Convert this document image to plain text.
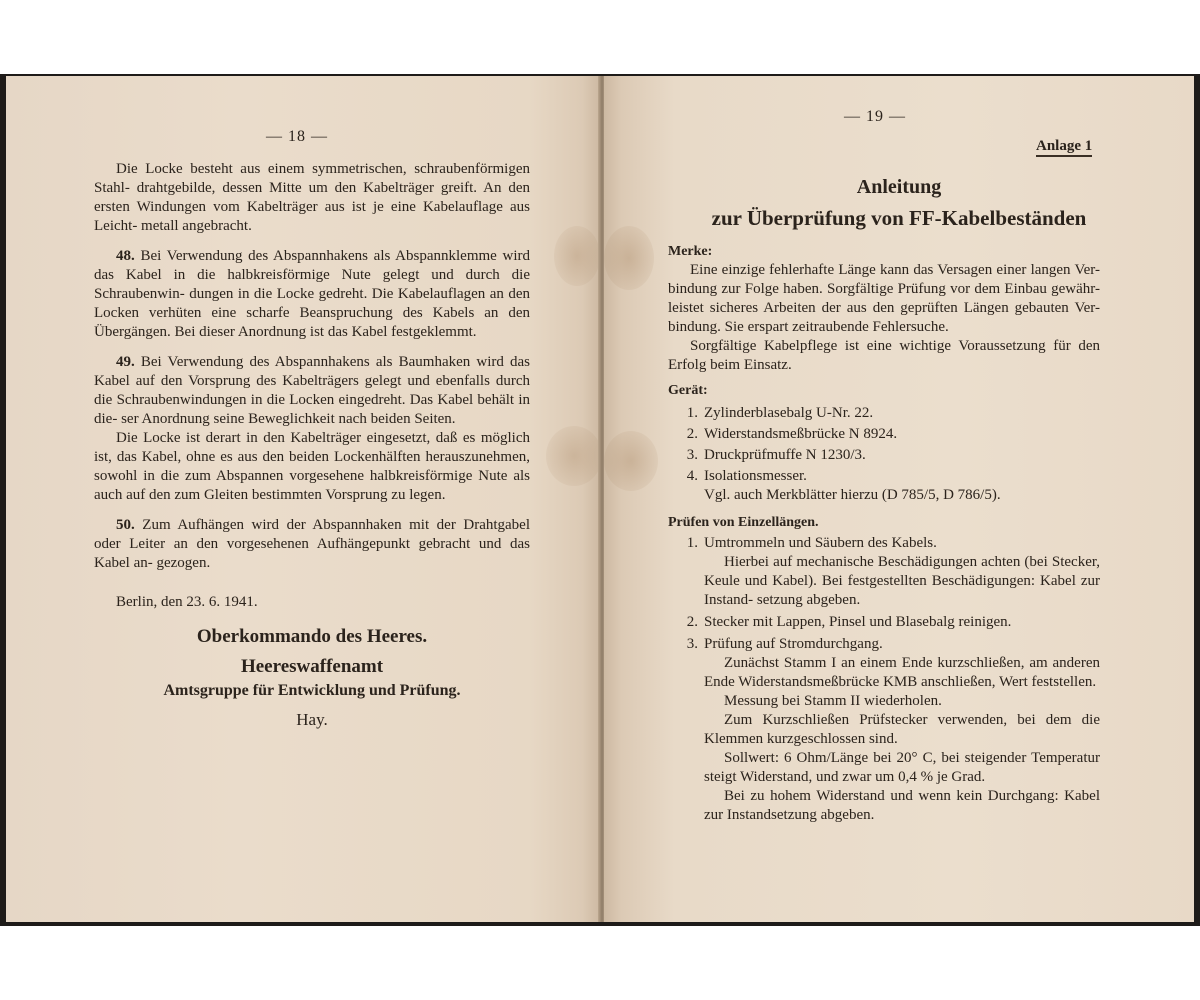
— 18 —

Die Locke besteht aus einem symmetrischen, schraubenförmigen Stahl- drahtgebilde, dessen Mitte um den Kabelträger greift. An den ersten Windungen vom Kabelträger aus ist je eine Kabelauflage aus Leicht- metall angebracht.

48. Bei Verwendung des Abspannhakens als Abspannklemme wird das Kabel in die halbkreisförmige Nute gelegt und durch die Schraubenwin- dungen in die Locke gedreht. Die Kabelauflagen an den Locken verhüten eine scharfe Beanspruchung des Kabels an den Übergängen. Bei dieser Anordnung ist das Kabel festgeklemmt.

49. Bei Verwendung des Abspannhakens als Baumhaken wird das Kabel auf den Vorsprung des Kabelträgers gelegt und ebenfalls durch die Schraubenwindungen in die Locken eingedreht. Das Kabel behält in die- ser Anordnung seine Beweglichkeit nach beiden Seiten.

Die Locke ist derart in den Kabelträger eingesetzt, daß es möglich ist, das Kabel, ohne es aus den beiden Lockenhälften herauszunehmen, sowohl in die zum Abspannen vorgesehene halbkreisförmige Nute als auch auf den zum Gleiten bestimmten Vorsprung zu legen.

50. Zum Aufhängen wird der Abspannhaken mit der Drahtgabel oder Leiter an den vorgesehenen Aufhängepunkt gebracht und das Kabel an- gezogen.

Berlin, den 23. 6. 1941.

Oberkommando des Heeres.
Heereswaffenamt
Amtsgruppe für Entwicklung und Prüfung.
Hay.
— 19 —
Anlage 1
Anleitung
zur Überprüfung von FF-Kabelbeständen
Merke:

Eine einzige fehlerhafte Länge kann das Versagen einer langen Ver- bindung zur Folge haben. Sorgfältige Prüfung vor dem Einbau gewähr- leistet sicheres Arbeiten der aus den geprüften Längen gebauten Ver- bindung. Sie erspart zeitraubende Fehlersuche.

Sorgfältige Kabelpflege ist eine wichtige Voraussetzung für den Erfolg beim Einsatz.

Gerät:
1. Zylinderblasebalg U-Nr. 22.
2. Widerstandsmeßbrücke N 8924.
3. Druckprüfmuffe N 1230/3.
4. Isolationsmesser.
Vgl. auch Merkblätter hierzu (D 785/5, D 786/5).
Prüfen von Einzellängen.
1. Umtrommeln und Säubern des Kabels.

Hierbei auf mechanische Beschädigungen achten (bei Stecker, Keule und Kabel). Bei festgestellten Beschädigungen: Kabel zur Instand- setzung abgeben.

2. Stecker mit Lappen, Pinsel und Blasebalg reinigen.
3. Prüfung auf Stromdurchgang.

Zunächst Stamm I an einem Ende kurzschließen, am anderen Ende Widerstandsmeßbrücke KMB anschließen, Wert feststellen.

Messung bei Stamm II wiederholen.

Zum Kurzschließen Prüfstecker verwenden, bei dem die Klemmen kurzgeschlossen sind.

Sollwert: 6 Ohm/Länge bei 20° C, bei steigender Temperatur steigt Widerstand, und zwar um 0,4 % je Grad.

Bei zu hohem Widerstand und wenn kein Durchgang: Kabel zur Instandsetzung abgeben.
